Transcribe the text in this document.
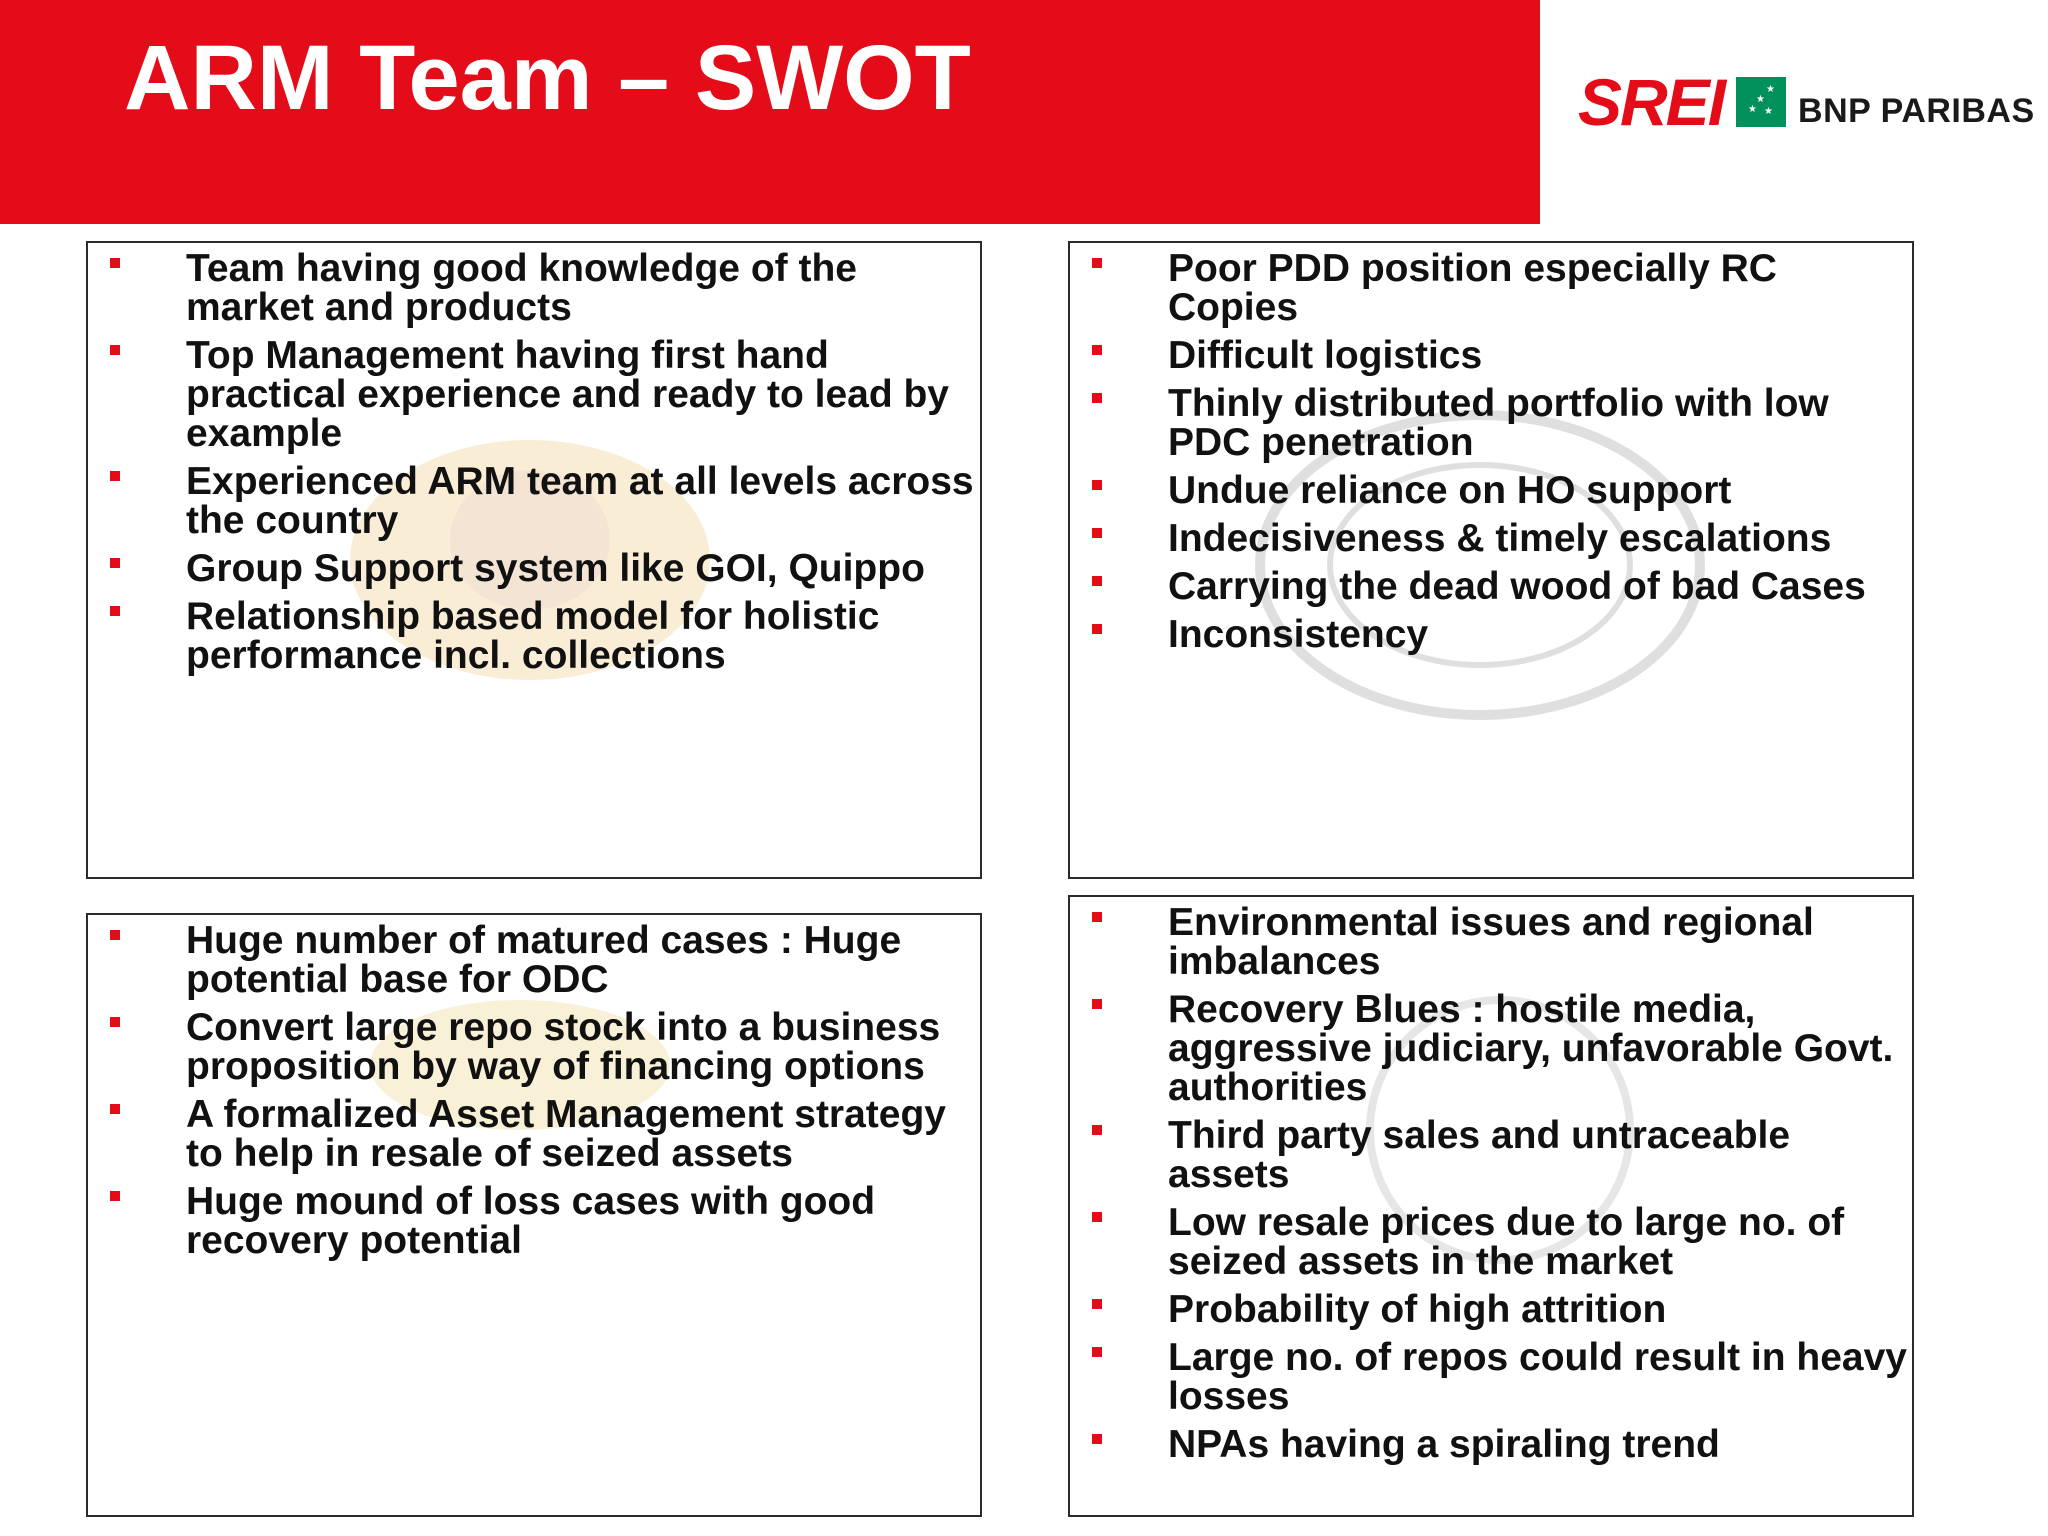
ARM Team – SWOT	SREI	★
★
★ ★ BNP PARIBAS
Team having good knowledge of the market and products
Top Management having first hand practical experience and ready to lead by example
Experienced ARM team at all levels across the country
Group Support system like GOI, Quippo
Relationship based model for holistic performance incl. collections
Poor PDD position especially RC Copies
Difficult logistics
Thinly distributed portfolio with low PDC penetration
Undue reliance on HO support
Indecisiveness & timely escalations
Carrying the dead wood of bad Cases
Inconsistency
Huge number of matured cases : Huge potential base for ODC
Convert large repo stock into a business proposition by way of financing options
A formalized Asset Management strategy to help in resale of seized assets
Huge mound of loss cases with good recovery potential
Environmental issues and regional imbalances
Recovery Blues : hostile media, aggressive judiciary, unfavorable Govt. authorities
Third party sales and untraceable assets
Low resale prices due to large no. of seized assets in the market
Probability of high attrition
Large no. of repos could result in heavy losses
NPAs having a spiraling trend
